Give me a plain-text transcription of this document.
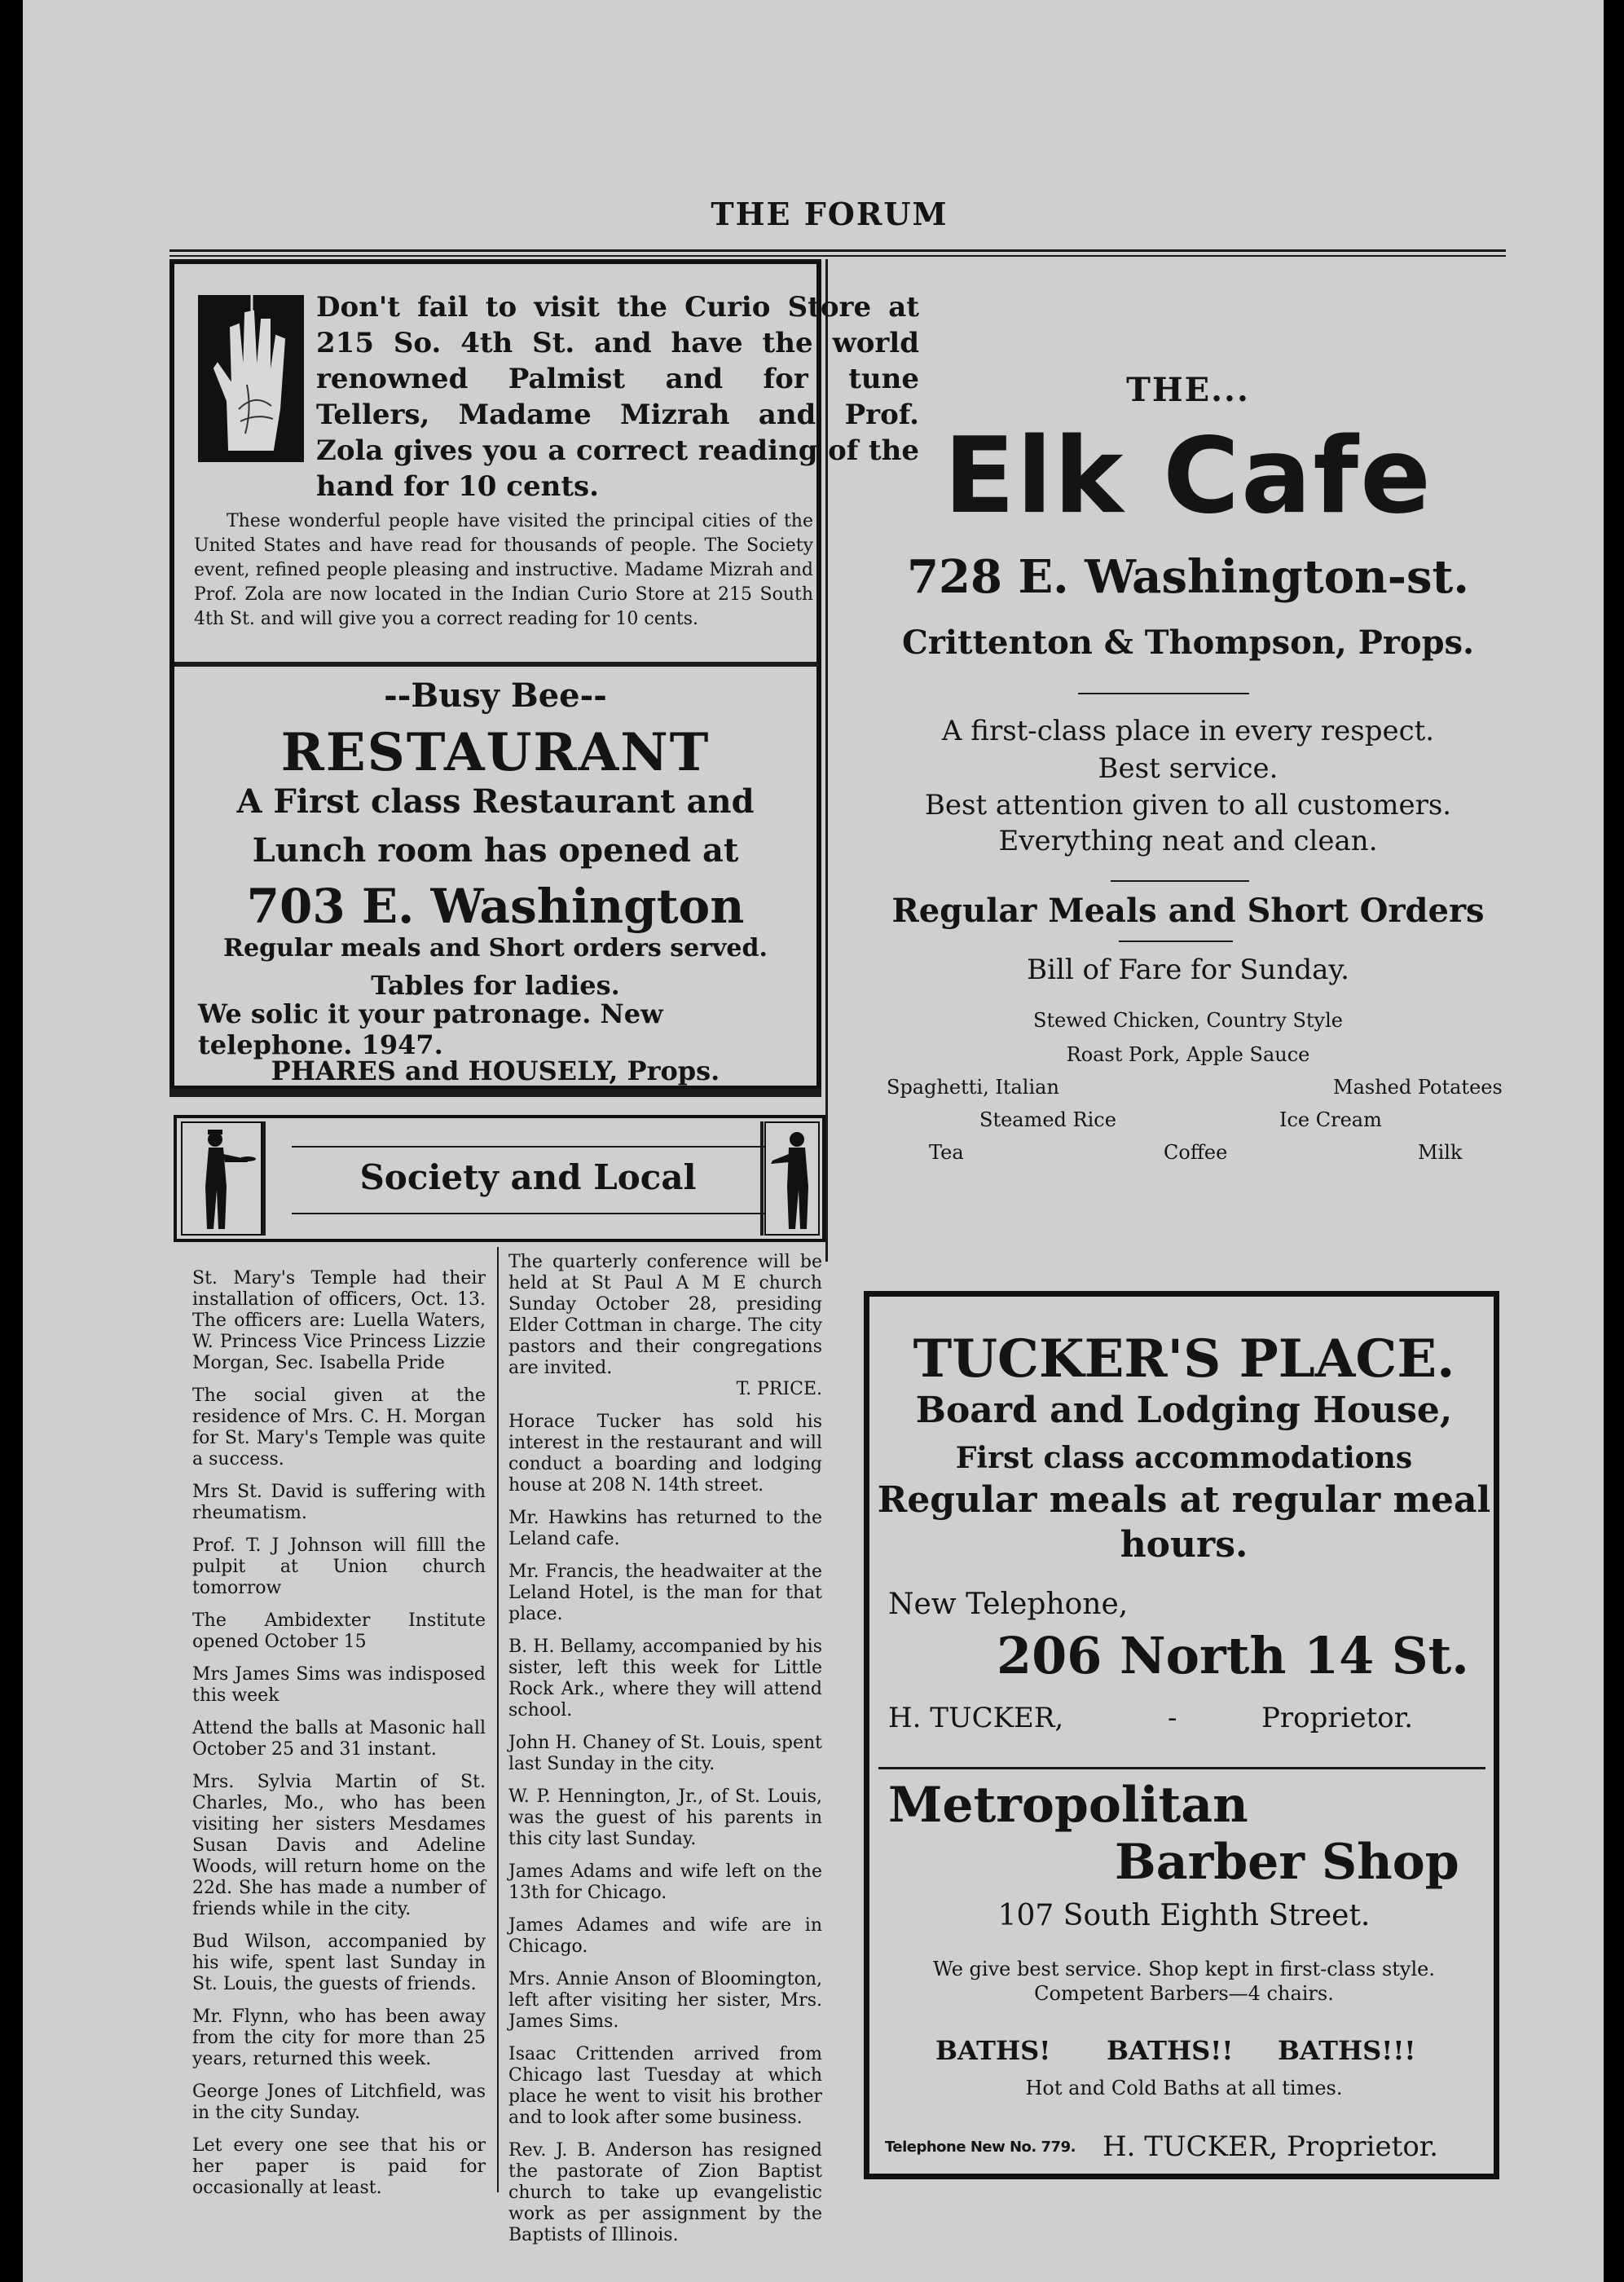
THE FORUM
Don't fail to visit the Curio Store at 215 So. 4th St. and have the world renowned Palmist and for tune Tellers, Madame Mizrah and Prof. Zola gives you a correct reading of the hand for 10 cents.
These wonderful people have visited the principal cities of the United States and have read for thousands of people. The Society event, refined people pleasing and instructive. Madame Mizrah and Prof. Zola are now located in the Indian Curio Store at 215 South 4th St. and will give you a correct reading for 10 cents.
--Busy Bee--
RESTAURANT
A First class Restaurant and
Lunch room has opened at
703 E. Washington
Regular meals and Short orders served.
Tables for ladies.
We solic it your patronage. New telephone. 1947.
PHARES and HOUSELY, Props.
Society and Local

St. Mary's Temple had their installation of officers, Oct. 13. The officers are: Luella Waters, W. Princess Vice Princess Lizzie Morgan, Sec. Isabella Pride

The social given at the residence of Mrs. C. H. Morgan for St. Mary's Temple was quite a success.

Mrs St. David is suffering with rheumatism.

Prof. T. J Johnson will filll the pulpit at Union church tomorrow

The Ambidexter Institute opened October 15

Mrs James Sims was indisposed this week

Attend the balls at Masonic hall October 25 and 31 instant.

Mrs. Sylvia Martin of St. Charles, Mo., who has been visiting her sisters Mesdames Susan Davis and Adeline Woods, will return home on the 22d. She has made a number of friends while in the city.

Bud Wilson, accompanied by his wife, spent last Sunday in St. Louis, the guests of friends.

Mr. Flynn, who has been away from the city for more than 25 years, returned this week.

George Jones of Litchfield, was in the city Sunday.

Let every one see that his or her paper is paid for occasionally at least.

The quarterly conference will be held at St Paul A M E church Sunday October 28, presiding Elder Cottman in charge. The city pastors and their congregations are invited.

T. PRICE.

Horace Tucker has sold his interest in the restaurant and will conduct a boarding and lodging house at 208 N. 14th street.

Mr. Hawkins has returned to the Leland cafe.

Mr. Francis, the headwaiter at the Leland Hotel, is the man for that place.

B. H. Bellamy, accompanied by his sister, left this week for Little Rock Ark., where they will attend school.

John H. Chaney of St. Louis, spent last Sunday in the city.

W. P. Hennington, Jr., of St. Louis, was the guest of his parents in this city last Sunday.

James Adams and wife left on the 13th for Chicago.

James Adames and wife are in Chicago.

Mrs. Annie Anson of Bloomington, left after visiting her sister, Mrs. James Sims.

Isaac Crittenden arrived from Chicago last Tuesday at which place he went to visit his brother and to look after some business.

Rev. J. B. Anderson has resigned the pastorate of Zion Baptist church to take up evangelistic work as per assignment by the Baptists of Illinois.

THE...
Elk Cafe
728 E. Washington-st.
Crittenton & Thompson, Props.
A first-class place in every respect.
Best service.
Best attention given to all customers.
Everything neat and clean.
Regular Meals and Short Orders
Bill of Fare for Sunday.
Stewed Chicken, Country Style
Roast Pork, Apple Sauce
Spaghetti, Italian	Mashed Potatees
Steamed Rice	Ice Cream
Tea	Coffee	Milk
TUCKER'S PLACE.
Board and Lodging House,
First class accommodations
Regular meals at regular meal
hours.
New Telephone,
206 North 14 St.
H. TUCKER,	-	Proprietor.
Metropolitan
Barber Shop
107 South Eighth Street.
We give best service. Shop kept in first-class style.
Competent Barbers—4 chairs.
BATHS! BATHS!! BATHS!!!
Hot and Cold Baths at all times.
Telephone New No. 779. H. TUCKER, Proprietor.
